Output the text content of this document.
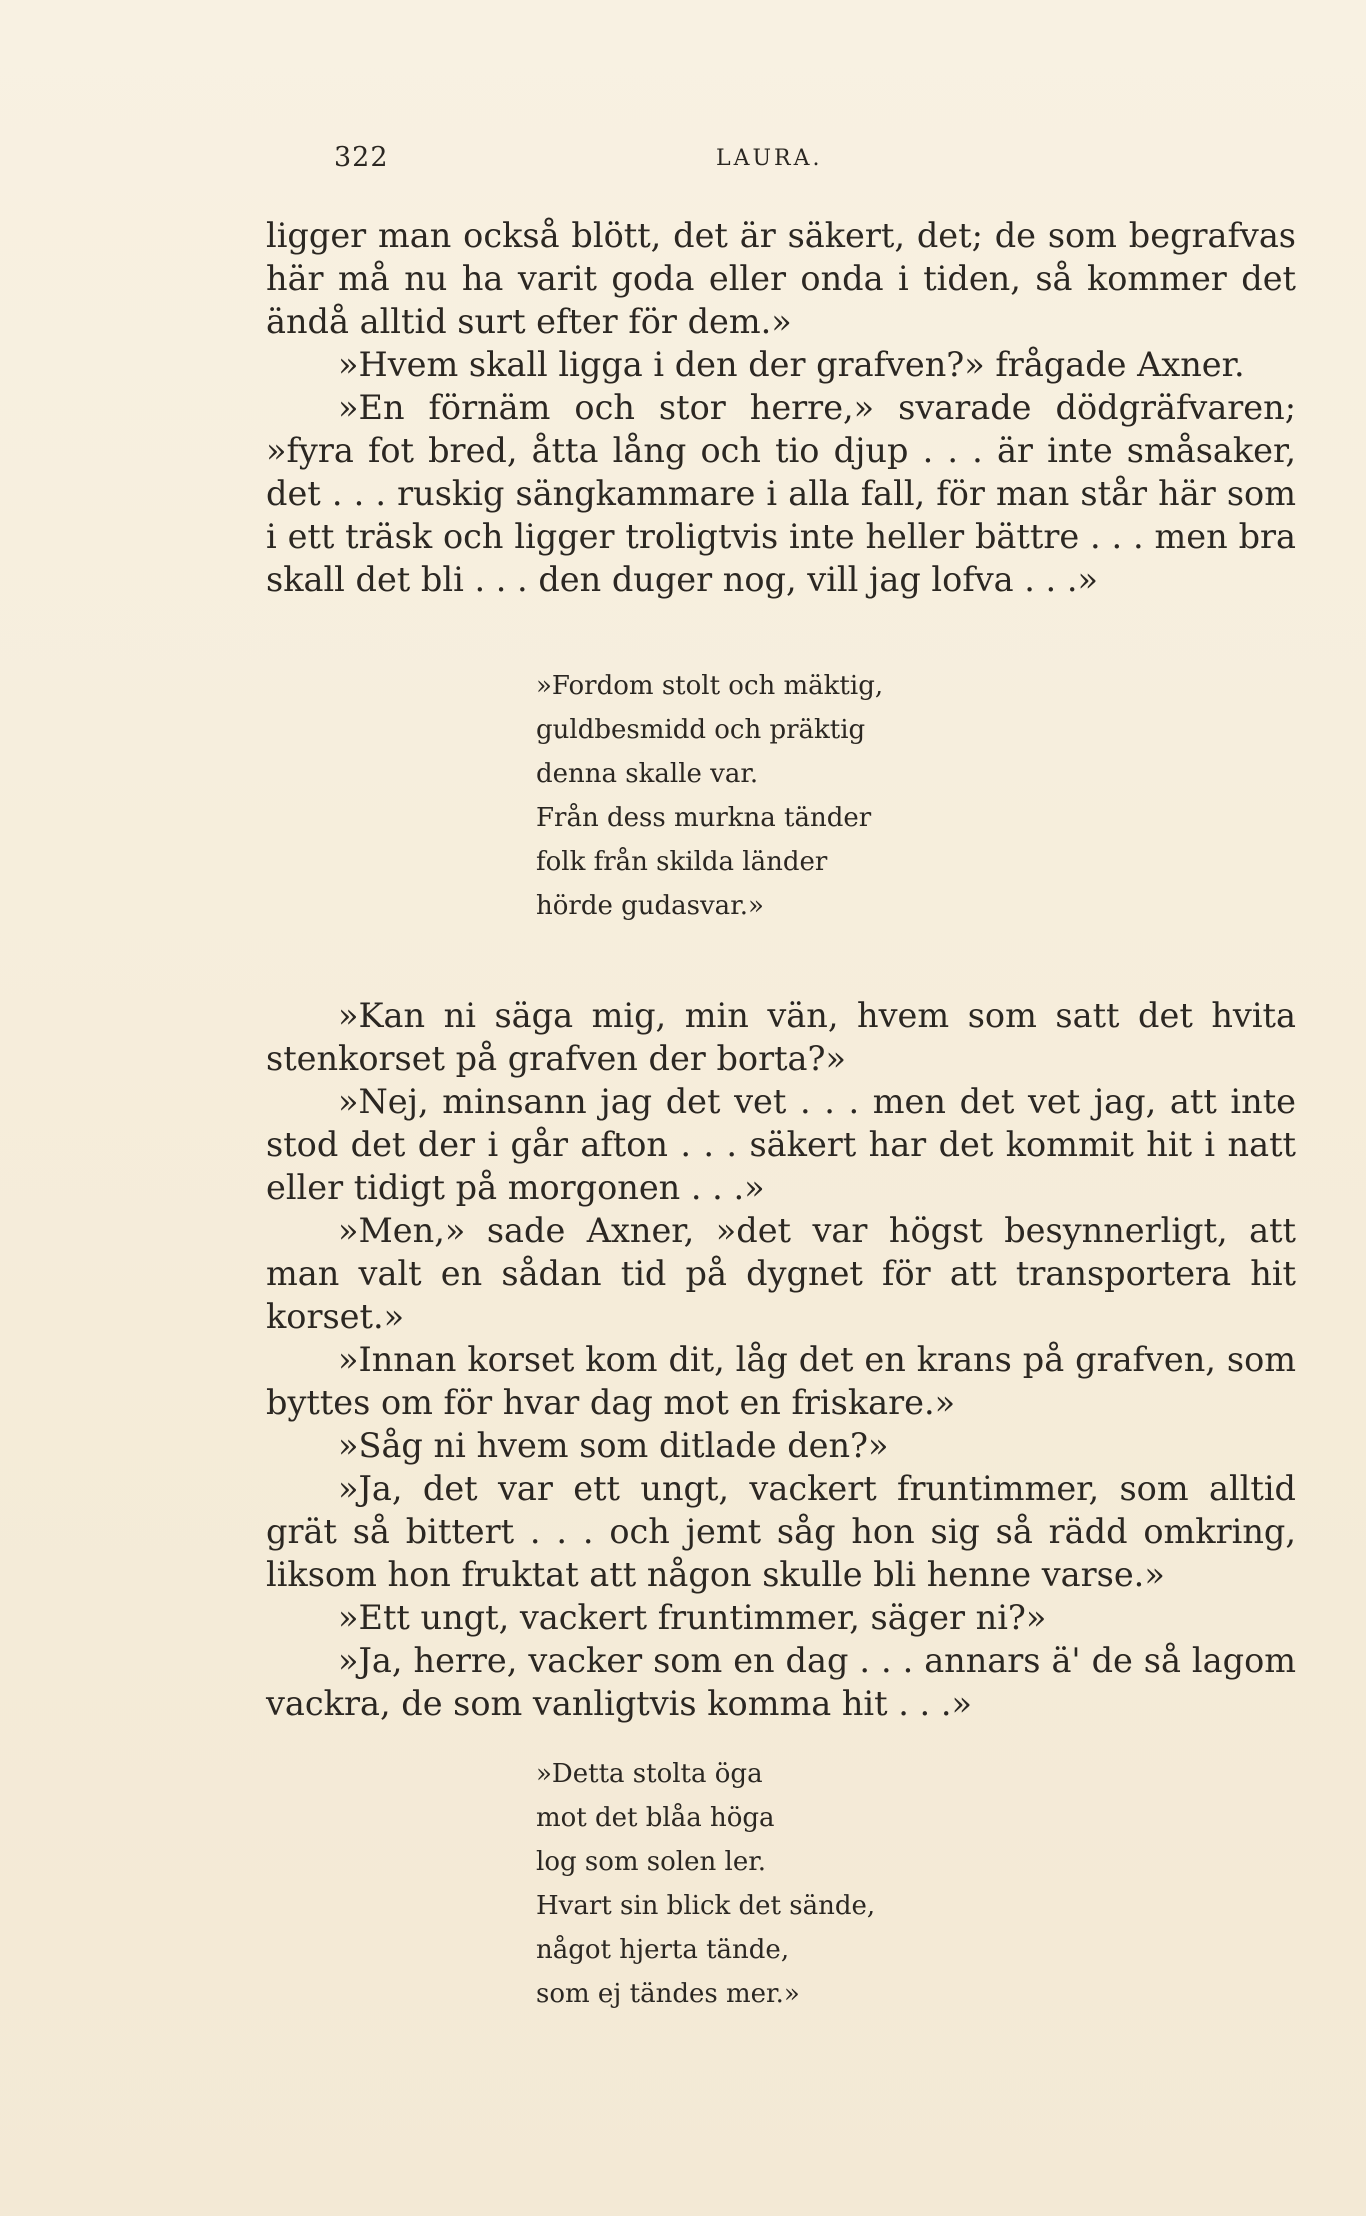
322	LAURA.

ligger man också blött, det är säkert, det; de som begrafvas här må nu ha varit goda eller onda i tiden, så kommer det ändå alltid surt efter för dem.»

»Hvem skall ligga i den der grafven?» frågade Axner.

»En förnäm och stor herre,» svarade dödgräfvaren; »fyra fot bred, åtta lång och tio djup . . . är inte småsaker, det . . . ruskig sängkammare i alla fall, för man står här som i ett träsk och ligger troligtvis inte heller bättre . . . men bra skall det bli . . . den duger nog, vill jag lofva . . .»

»Fordom stolt och mäktig,
guldbesmidd och präktig
denna skalle var.
Från dess murkna tänder
folk från skilda länder
hörde gudasvar.»

»Kan ni säga mig, min vän, hvem som satt det hvita stenkorset på grafven der borta?»

»Nej, minsann jag det vet . . . men det vet jag, att inte stod det der i går afton . . . säkert har det kommit hit i natt eller tidigt på morgonen . . .»

»Men,» sade Axner, »det var högst besynnerligt, att man valt en sådan tid på dygnet för att transportera hit korset.»

»Innan korset kom dit, låg det en krans på grafven, som byttes om för hvar dag mot en friskare.»

»Såg ni hvem som ditlade den?»

»Ja, det var ett ungt, vackert fruntimmer, som alltid grät så bittert . . . och jemt såg hon sig så rädd omkring, liksom hon fruktat att någon skulle bli henne varse.»

»Ett ungt, vackert fruntimmer, säger ni?»

»Ja, herre, vacker som en dag . . . annars ä' de så lagom vackra, de som vanligtvis komma hit . . .»

»Detta stolta öga
mot det blåa höga
log som solen ler.
Hvart sin blick det sände,
något hjerta tände,
som ej tändes mer.»
